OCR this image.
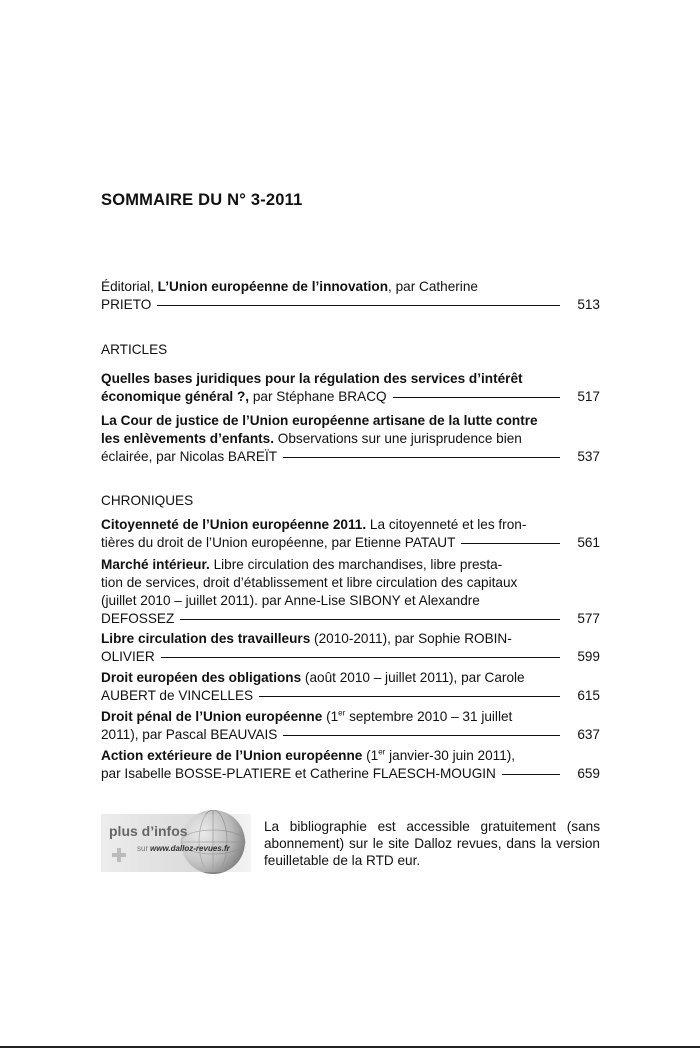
SOMMAIRE DU N° 3-2011
Éditorial, L’Union européenne de l’innovation, par Catherine
PRIETO	513
ARTICLES
Quelles bases juridiques pour la régulation des services d’intérêt
économique général ?, par Stéphane BRACQ	517
La Cour de justice de l’Union européenne artisane de la lutte contre
les enlèvements d’enfants. Observations sur une jurisprudence bien
éclairée, par Nicolas BAREÏT	537
CHRONIQUES
Citoyenneté de l’Union européenne 2011. La citoyenneté et les fron-
tières du droit de l’Union européenne, par Etienne PATAUT	561
Marché intérieur. Libre circulation des marchandises, libre presta-
tion de services, droit d’établissement et libre circulation des capitaux
(juillet 2010 – juillet 2011). par Anne-Lise SIBONY et Alexandre
DEFOSSEZ	577
Libre circulation des travailleurs (2010-2011), par Sophie ROBIN-
OLIVIER	599
Droit européen des obligations (août 2010 – juillet 2011), par Carole
AUBERT de VINCELLES	615
Droit pénal de l’Union européenne (1er septembre 2010 – 31 juillet
2011), par Pascal BEAUVAIS	637
Action extérieure de l’Union européenne (1er janvier-30 juin 2011),
par Isabelle BOSSE-PLATIERE et Catherine FLAESCH-MOUGIN	659
plus d’infos
sur www.dalloz-revues.fr
La bibliographie est accessible gratuitement (sans abonnement) sur le site Dalloz revues, dans la version feuilletable de la RTD eur.
